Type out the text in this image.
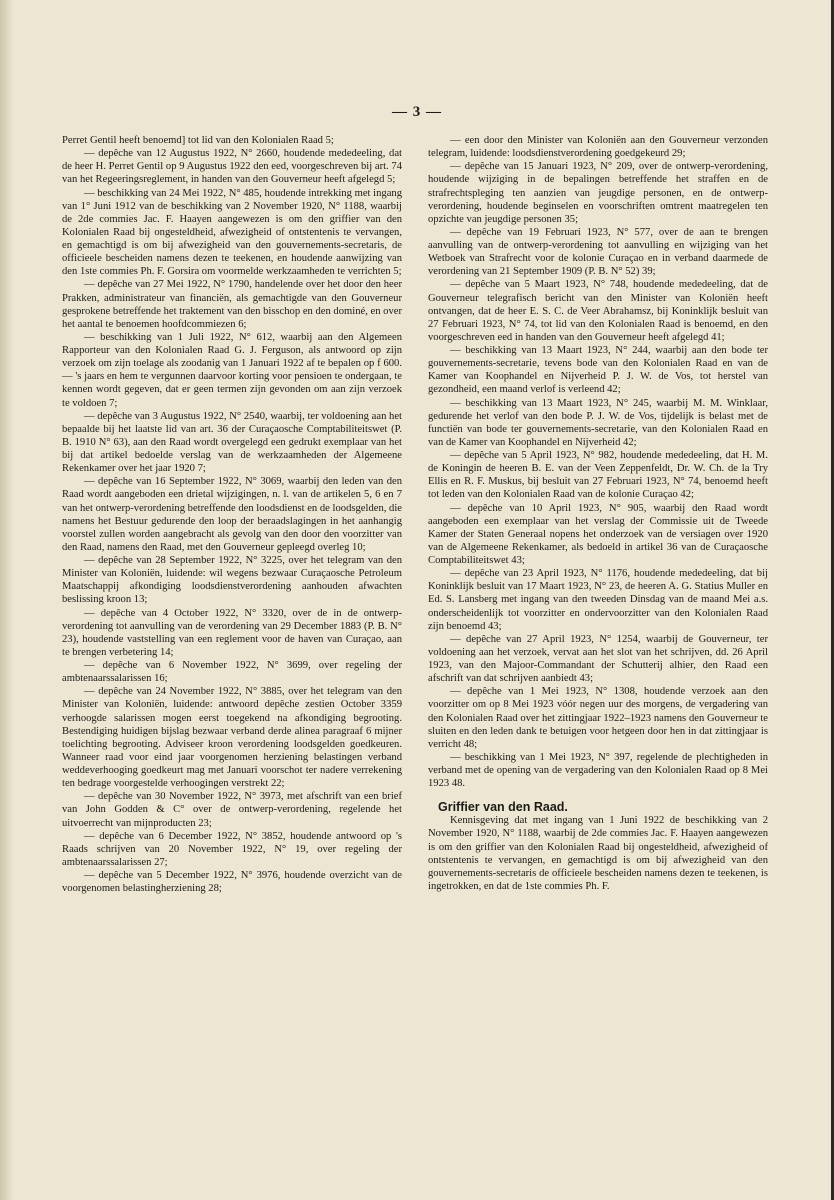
— 3 —

Perret Gentil heeft benoemd] tot lid van den Kolonialen Raad 5;

— depêche van 12 Augustus 1922, N° 2660, houdende mededeeling, dat de heer H. Perret Gentil op 9 Augustus 1922 den eed, voorgeschreven bij art. 74 van het Regeeringsreglement, in handen van den Gouverneur heeft afgelegd 5;

— beschikking van 24 Mei 1922, N° 485, houdende intrekking met ingang van 1° Juni 1912 van de beschikking van 2 November 1920, N° 1188, waarbij de 2de commies Jac. F. Haayen aangewezen is om den griffier van den Kolonialen Raad bij ongesteldheid, afwezigheid of ontstentenis te vervangen, en gemachtigd is om bij afwezigheid van den gouvernements-secretaris, de officieele bescheiden namens dezen te teekenen, en houdende aanwijzing van den 1ste commies Ph. F. Gorsira om voormelde werkzaamheden te verrichten 5;

— depêche van 27 Mei 1922, N° 1790, handelende over het door den heer Prakken, administrateur van financiën, als gemachtigde van den Gouverneur gesprokene betreffende het traktement van den bisschop en den dominé, en over het aantal te benoemen hoofdcommiezen 6;

— beschikking van 1 Juli 1922, N° 612, waarbij aan den Algemeen Rapporteur van den Kolonialen Raad G. J. Ferguson, als antwoord op zijn verzoek om zijn toelage als zoodanig van 1 Januari 1922 af te bepalen op f 600.— 's jaars en hem te vergunnen daarvoor korting voor pensioen te ondergaan, te kennen wordt gegeven, dat er geen termen zijn gevonden om aan zijn verzoek te voldoen 7;

— depêche van 3 Augustus 1922, N° 2540, waarbij, ter voldoening aan het bepaalde bij het laatste lid van art. 36 der Curaçaosche Comptabiliteitswet (P. B. 1910 N° 63), aan den Raad wordt overgelegd een gedrukt exemplaar van het bij dat artikel bedoelde verslag van de werkzaamheden der Algemeene Rekenkamer over het jaar 1920 7;

— depêche van 16 September 1922, N° 3069, waarbij den leden van den Raad wordt aangeboden een drietal wijzigingen, n. l. van de artikelen 5, 6 en 7 van het ontwerp-verordening betreffende den loodsdienst en de loodsgelden, die namens het Bestuur gedurende den loop der beraadslagingen in het aanhangig voorstel zullen worden aangebracht als gevolg van den door den voorzitter van den Raad, namens den Raad, met den Gouverneur gepleegd overleg 10;

— depêche van 28 September 1922, N° 3225, over het telegram van den Minister van Koloniën, luidende: wil wegens bezwaar Curaçaosche Petroleum Maatschappij afkondiging loodsdienstverordening aanhouden afwachten beslissing kroon 13;

— depêche van 4 October 1922, N° 3320, over de in de ontwerp-verordening tot aanvulling van de verordening van 29 December 1883 (P. B. N° 23), houdende vaststelling van een reglement voor de haven van Curaçao, aan te brengen verbetering 14;

— depêche van 6 November 1922, N° 3699, over regeling der ambtenaarssalarissen 16;

— depêche van 24 November 1922, N° 3885, over het telegram van den Minister van Koloniën, luidende: antwoord depêche zestien October 3359 verhoogde salarissen mogen eerst toegekend na afkondiging begrooting. Bestendiging huidigen bijslag bezwaar verband derde alinea paragraaf 6 mijner toelichting begrooting. Adviseer kroon verordening loodsgelden goedkeuren. Wanneer raad voor eind jaar voorgenomen herziening belastingen verband weddeverhooging goedkeurt mag met Januari voorschot ter nadere verrekening ten bedrage voorgestelde verhoogingen verstrekt 22;

— depêche van 30 November 1922, N° 3973, met afschrift van een brief van John Godden & C° over de ontwerp-verordening, regelende het uitvoerrecht van mijnproducten 23;

— depêche van 6 December 1922, N° 3852, houdende antwoord op 's Raads schrijven van 20 November 1922, N° 19, over regeling der ambtenaarssalarissen 27;

— depêche van 5 December 1922, N° 3976, houdende overzicht van de voorgenomen belastingherziening 28;

— een door den Minister van Koloniën aan den Gouverneur verzonden telegram, luidende: loodsdienstverordening goedgekeurd 29;

— depêche van 15 Januari 1923, N° 209, over de ontwerp-verordening, houdende wijziging in de bepalingen betreffende het straffen en de strafrechtspleging ten aanzien van jeugdige personen, en de ontwerp-verordening, houdende beginselen en voorschriften omtrent maatregelen ten opzichte van jeugdige personen 35;

— depêche van 19 Februari 1923, N° 577, over de aan te brengen aanvulling van de ontwerp-verordening tot aanvulling en wijziging van het Wetboek van Strafrecht voor de kolonie Curaçao en in verband daarmede de verordening van 21 September 1909 (P. B. N° 52) 39;

— depêche van 5 Maart 1923, N° 748, houdende mededeeling, dat de Gouverneur telegrafisch bericht van den Minister van Koloniën heeft ontvangen, dat de heer E. S. C. de Veer Abrahamsz, bij Koninklijk besluit van 27 Februari 1923, N° 74, tot lid van den Kolonialen Raad is benoemd, en den voorgeschreven eed in handen van den Gouverneur heeft afgelegd 41;

— beschikking van 13 Maart 1923, N° 244, waarbij aan den bode ter gouvernements-secretarie, tevens bode van den Kolonialen Raad en van de Kamer van Koophandel en Nijverheid P. J. W. de Vos, tot herstel van gezondheid, een maand verlof is verleend 42;

— beschikking van 13 Maart 1923, N° 245, waarbij M. M. Winklaar, gedurende het verlof van den bode P. J. W. de Vos, tijdelijk is belast met de functiën van bode ter gouvernements-secretarie, van den Kolonialen Raad en van de Kamer van Koophandel en Nijverheid 42;

— depêche van 5 April 1923, N° 982, houdende mededeeling, dat H. M. de Koningin de heeren B. E. van der Veen Zeppenfeldt, Dr. W. Ch. de la Try Ellis en R. F. Muskus, bij besluit van 27 Februari 1923, N° 74, benoemd heeft tot leden van den Kolonialen Raad van de kolonie Curaçao 42;

— depêche van 10 April 1923, N° 905, waarbij den Raad wordt aangeboden een exemplaar van het verslag der Commissie uit de Tweede Kamer der Staten Generaal nopens het onderzoek van de versiagen over 1920 van de Algemeene Rekenkamer, als bedoeld in artikel 36 van de Curaçaosche Comptabiliteitswet 43;

— depêche van 23 April 1923, N° 1176, houdende mededeeling, dat bij Koninklijk besluit van 17 Maart 1923, N° 23, de heeren A. G. Statius Muller en Ed. S. Lansberg met ingang van den tweeden Dinsdag van de maand Mei a.s. onderscheidenlijk tot voorzitter en ondervoorzitter van den Kolonialen Raad zijn benoemd 43;

— depêche van 27 April 1923, N° 1254, waarbij de Gouverneur, ter voldoening aan het verzoek, vervat aan het slot van het schrijven, dd. 26 April 1923, van den Majoor-Commandant der Schutterij alhier, den Raad een afschrift van dat schrijven aanbiedt 43;

— depêche van 1 Mei 1923, N° 1308, houdende verzoek aan den voorzitter om op 8 Mei 1923 vóór negen uur des morgens, de vergadering van den Kolonialen Raad over het zittingjaar 1922–1923 namens den Gouverneur te sluiten en den leden dank te betuigen voor hetgeen door hen in dat zittingjaar is verricht 48;

— beschikking van 1 Mei 1923, N° 397, regelende de plechtigheden in verband met de opening van de vergadering van den Kolonialen Raad op 8 Mei 1923 48.

Griffier van den Raad.

Kennisgeving dat met ingang van 1 Juni 1922 de beschikking van 2 November 1920, N° 1188, waarbij de 2de commies Jac. F. Haayen aangewezen is om den griffier van den Kolonialen Raad bij ongesteldheid, afwezigheid of ontstentenis te vervangen, en gemachtigd is om bij afwezigheid van den gouvernements-secretaris de officieele bescheiden namens dezen te teekenen, is ingetrokken, en dat de 1ste commies Ph. F.
